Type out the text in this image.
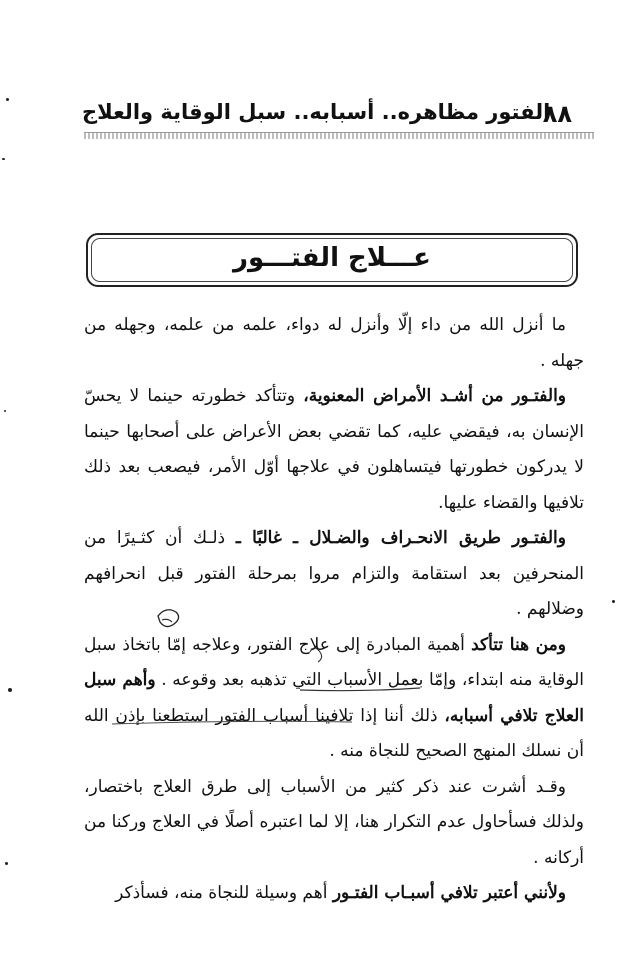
٨٨
الفتور مظاهره.. أسبابه.. سبل الوقاية والعلاج
عـــلاج الفتـــور
ما أنزل الله من داء إلّا وأنزل له دواء، علمه من علمه، وجهله من
جهله .
والفتـور من أشـد الأمراض المعنوية، وتتأكد خطورته حينما لا يحسّ
الإنسان به، فيقضي عليه، كما تقضي بعض الأعراض على أصحابها حينما
لا يدركون خطورتها فيتساهلون في علاجها أوّل الأمر، فيصعب بعد ذلك
تلافيها والقضاء عليها.
والفتـور طريق الانحـراف والضـلال ـ غالبًا ـ ذلـك أن كثـيرًا من
المنحرفين بعد استقامة والتزام مروا بمرحلة الفتور قبل انحرافهم
وضلالهم .
ومن هنا تتأكد أهمية المبادرة إلى علاج الفتور، وعلاجه إمّا باتخاذ سبل
الوقاية منه ابتداء، وإمّا بعمل الأسباب التي تذهبه بعد وقوعه . وأهم سبل
العلاج تلافي أسبابه، ذلك أننا إذا تلافينا أسباب الفتور استطعنا بإذن الله
أن نسلك المنهج الصحيح للنجاة منه .
وقـد أشرت عند ذكر كثير من الأسباب إلى طرق العلاج باختصار،
ولذلك فسأحاول عدم التكرار هنا، إلا لما اعتبره أصلًا في العلاج وركنا من
أركانه .
ولأنني أعتبر تلافي أسبـاب الفتـور أهم وسيلة للنجاة منه، فسأذكر
